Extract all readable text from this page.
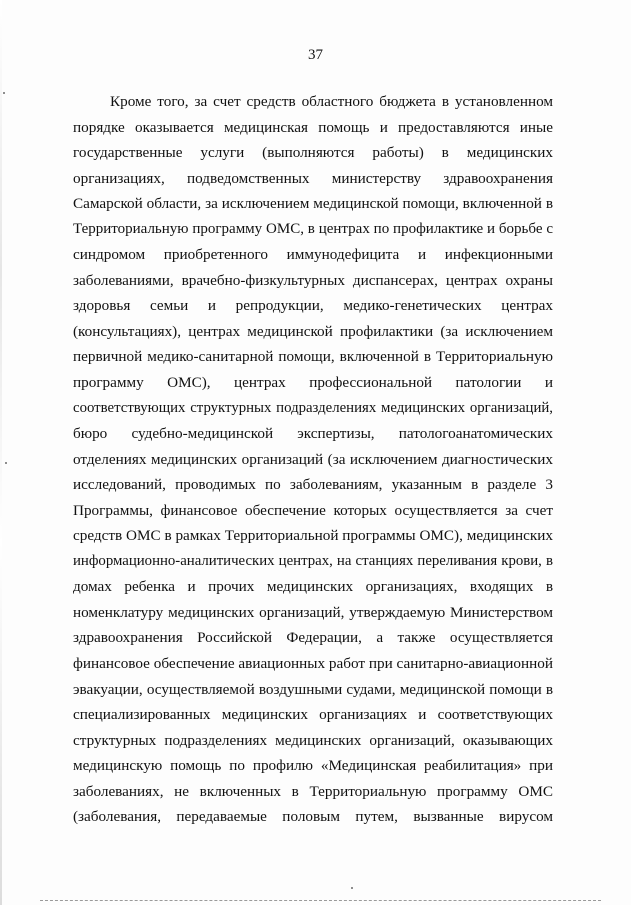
37
Кроме того, за счет средств областного бюджета в установленном
порядке оказывается медицинская помощь и предоставляются иные
государственные услуги (выполняются работы) в медицинских
организациях, подведомственных министерству здравоохранения
Самарской области, за исключением медицинской помощи, включенной в
Территориальную программу ОМС, в центрах по профилактике и борьбе с
синдромом приобретенного иммунодефицита и инфекционными
заболеваниями, врачебно-физкультурных диспансерах, центрах охраны
здоровья семьи и репродукции, медико-генетических центрах
(консультациях), центрах медицинской профилактики (за исключением
первичной медико-санитарной помощи, включенной в Территориальную
программу ОМС), центрах профессиональной патологии и
соответствующих структурных подразделениях медицинских организаций,
бюро судебно-медицинской экспертизы, патологоанатомических
отделениях медицинских организаций (за исключением диагностических
исследований, проводимых по заболеваниям, указанным в разделе 3
Программы, финансовое обеспечение которых осуществляется за счет
средств ОМС в рамках Территориальной программы ОМС), медицинских
информационно-аналитических центрах, на станциях переливания крови, в
домах ребенка и прочих медицинских организациях, входящих в
номенклатуру медицинских организаций, утверждаемую Министерством
здравоохранения Российской Федерации, а также осуществляется
финансовое обеспечение авиационных работ при санитарно-авиационной
эвакуации, осуществляемой воздушными судами, медицинской помощи в
специализированных медицинских организациях и соответствующих
структурных подразделениях медицинских организаций, оказывающих
медицинскую помощь по профилю «Медицинская реабилитация» при
заболеваниях, не включенных в Территориальную программу ОМС
(заболевания, передаваемые половым путем, вызванные вирусом
